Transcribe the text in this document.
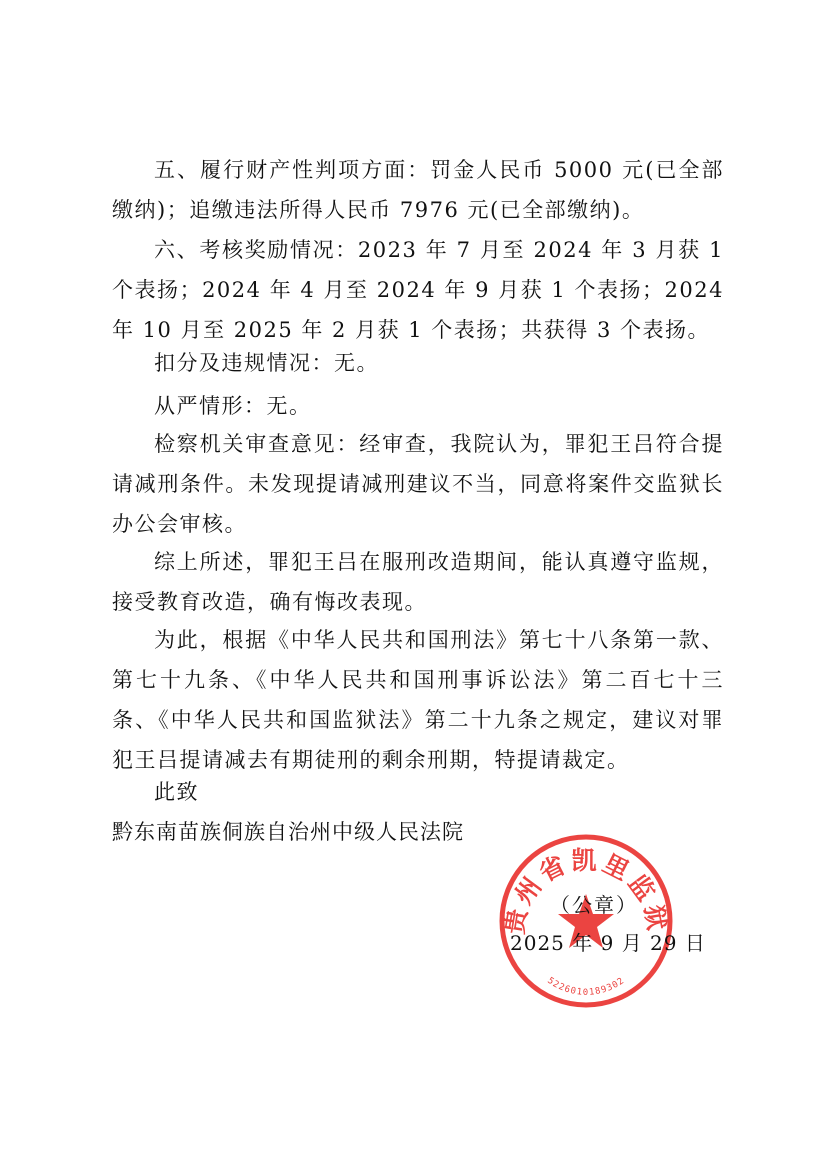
五、履行财产性判项方面：罚金人民币 5000 元(已全部缴纳)；追缴违法所得人民币 7976 元(已全部缴纳)。

六、考核奖励情况：2023 年 7 月至 2024 年 3 月获 1 个表扬；2024 年 4 月至 2024 年 9 月获 1 个表扬；2024 年 10 月至 2025 年 2 月获 1 个表扬；共获得 3 个表扬。

扣分及违规情况：无。

从严情形：无。

检察机关审查意见：经审查，我院认为，罪犯王吕符合提请减刑条件。未发现提请减刑建议不当，同意将案件交监狱长办公会审核。

综上所述，罪犯王吕在服刑改造期间，能认真遵守监规，接受教育改造，确有悔改表现。

为此，根据《中华人民共和国刑法》第七十八条第一款、第七十九条、《中华人民共和国刑事诉讼法》第二百七十三条、《中华人民共和国监狱法》第二十九条之规定，建议对罪犯王吕提请减去有期徒刑的剩余刑期，特提请裁定。

此致

黔东南苗族侗族自治州中级人民法院

贵州省凯里监狱
5226010189302

（公章）

2025 年 9 月 29 日
